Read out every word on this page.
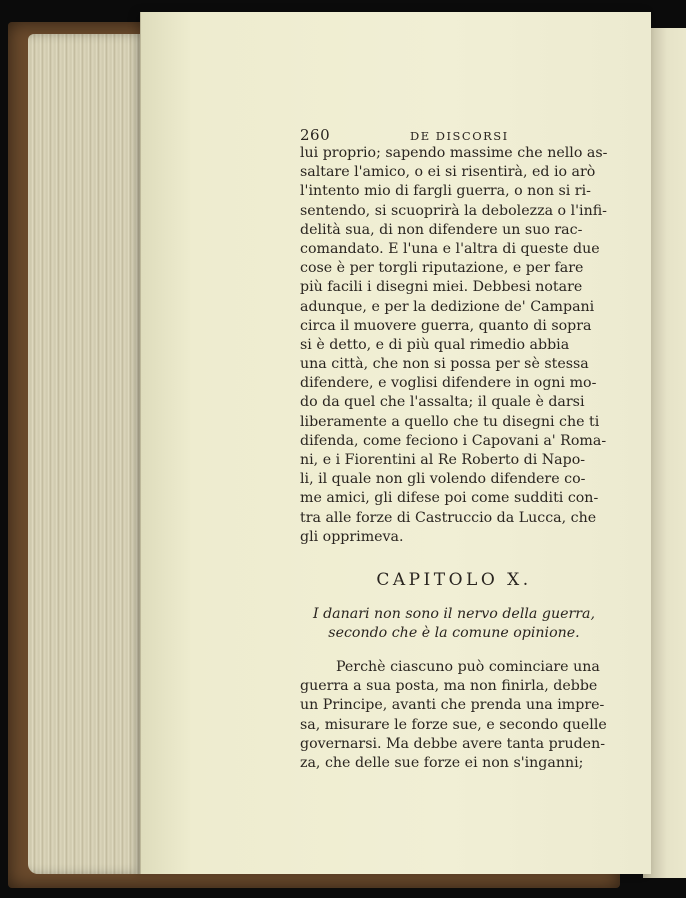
260	DE DISCORSI
lui proprio; sapendo massime che nello as-
saltare l'amico, o ei si risentirà, ed io arò
l'intento mio di fargli guerra, o non si ri-
sentendo, si scuoprirà la debolezza o l'infi-
delità sua, di non difendere un suo rac-
comandato. E l'una e l'altra di queste due
cose è per torgli riputazione, e per fare
più facili i disegni miei. Debbesi notare
adunque, e per la dedizione de' Campani
circa il muovere guerra, quanto di sopra
si è detto, e di più qual rimedio abbia
una città, che non si possa per sè stessa
difendere, e voglisi difendere in ogni mo-
do da quel che l'assalta; il quale è darsi
liberamente a quello che tu disegni che ti
difenda, come feciono i Capovani a' Roma-
ni, e i Fiorentini al Re Roberto di Napo-
li, il quale non gli volendo difendere co-
me amici, gli difese poi come sudditi con-
tra alle forze di Castruccio da Lucca, che
gli opprimeva.
CAPITOLO X.
I danari non sono il nervo della guerra,
secondo che è la comune opinione.
Perchè ciascuno può cominciare una
guerra a sua posta, ma non finirla, debbe
un Principe, avanti che prenda una impre-
sa, misurare le forze sue, e secondo quelle
governarsi. Ma debbe avere tanta pruden-
za, che delle sue forze ei non s'inganni;
